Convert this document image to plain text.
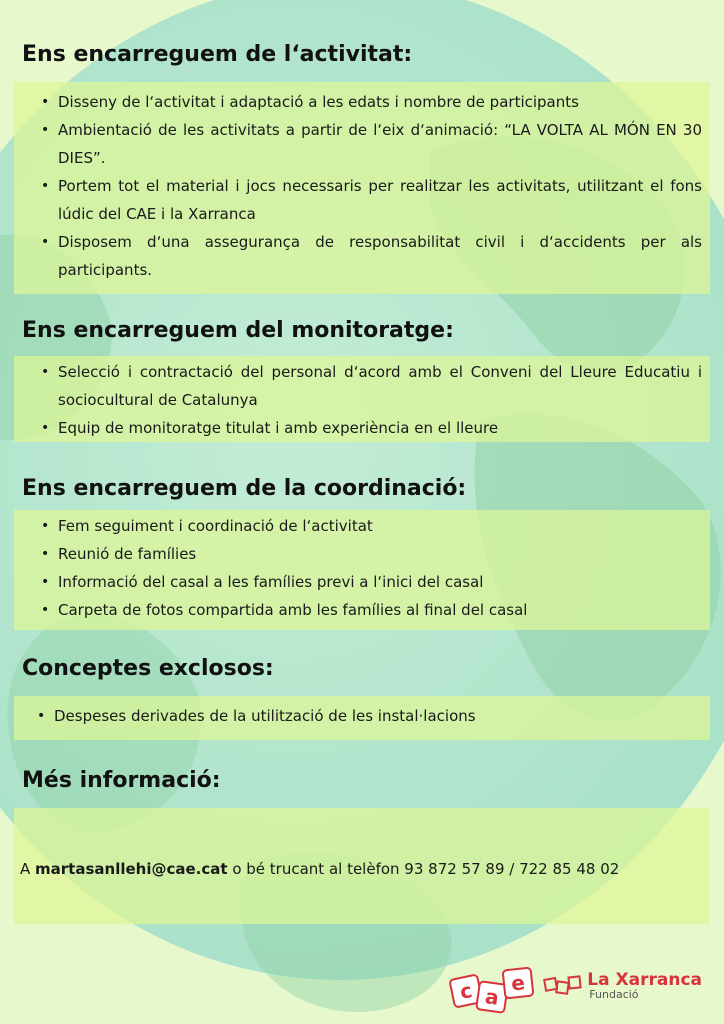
Ens encarreguem de l‘activitat:
• Disseny de l‘activitat i adaptació a les edats i nombre de participants
• Ambientació de les activitats a partir de l‘eix d‘animació: “LA VOLTA AL MÓN EN 30 DIES”.
• Portem tot el material i jocs necessaris per realitzar les activitats, utilitzant el fons lúdic del CAE i la Xarranca
• Disposem d‘una assegurança de responsabilitat civil i d‘accidents per als participants.
Ens encarreguem del monitoratge:
• Selecció i contractació del personal d‘acord amb el Conveni del Lleure Educatiu i sociocultural de Catalunya
• Equip de monitoratge titulat i amb experiència en el lleure
Ens encarreguem de la coordinació:
• Fem seguiment i coordinació de l‘activitat
• Reunió de famílies
• Informació del casal a les famílies previ a l‘inici del casal
• Carpeta de fotos compartida amb les famílies al final del casal
Conceptes exclosos:
• Despeses derivades de la utilització de les instal·lacions
Més informació:
A martasanllehi@cae.cat o bé trucant al telèfon 93 872 57 89 / 722 85 48 02
c a
e	La Xarranca
Fundació
